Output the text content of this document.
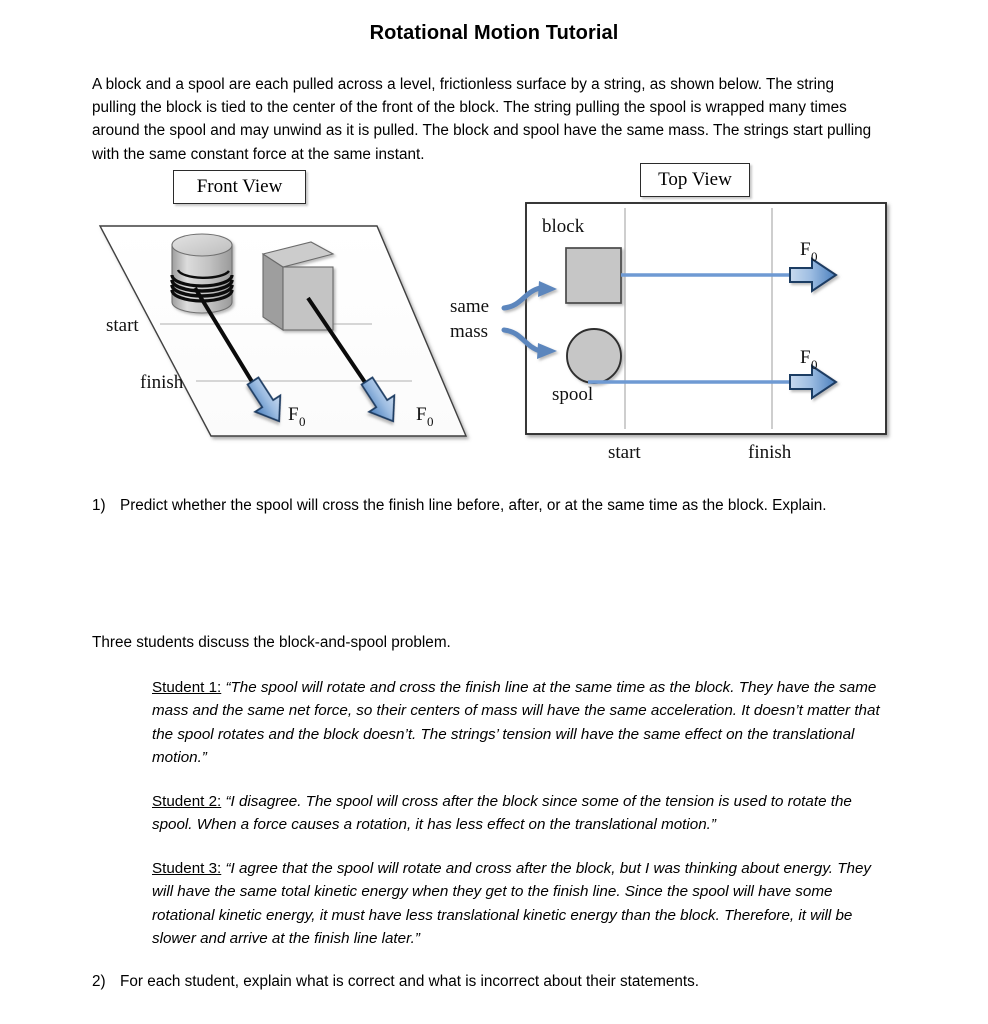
Rotational Motion Tutorial
A block and a spool are each pulled across a level, frictionless surface by a string, as shown below. The string pulling the block is tied to the center of the front of the block. The string pulling the spool is wrapped many times around the spool and may unwind as it is pulled. The block and spool have the same mass. The strings start pulling with the same constant force at the same instant.
Front View	Top View
start
finish
F 0	F 0
block
spool
F 0
F 0
start	finish
same
mass
1) Predict whether the spool will cross the finish line before, after, or at the same time as the block. Explain.
Three students discuss the block-and-spool problem.
Student 1: “The spool will rotate and cross the finish line at the same time as the block. They have the same mass and the same net force, so their centers of mass will have the same acceleration. It doesn’t matter that the spool rotates and the block doesn’t. The strings’ tension will have the same effect on the translational motion.”
Student 2: “I disagree. The spool will cross after the block since some of the tension is used to rotate the spool. When a force causes a rotation, it has less effect on the translational motion.”
Student 3: “I agree that the spool will rotate and cross after the block, but I was thinking about energy. They will have the same total kinetic energy when they get to the finish line. Since the spool will have some rotational kinetic energy, it must have less translational kinetic energy than the block. Therefore, it will be slower and arrive at the finish line later.”
2) For each student, explain what is correct and what is incorrect about their statements.
